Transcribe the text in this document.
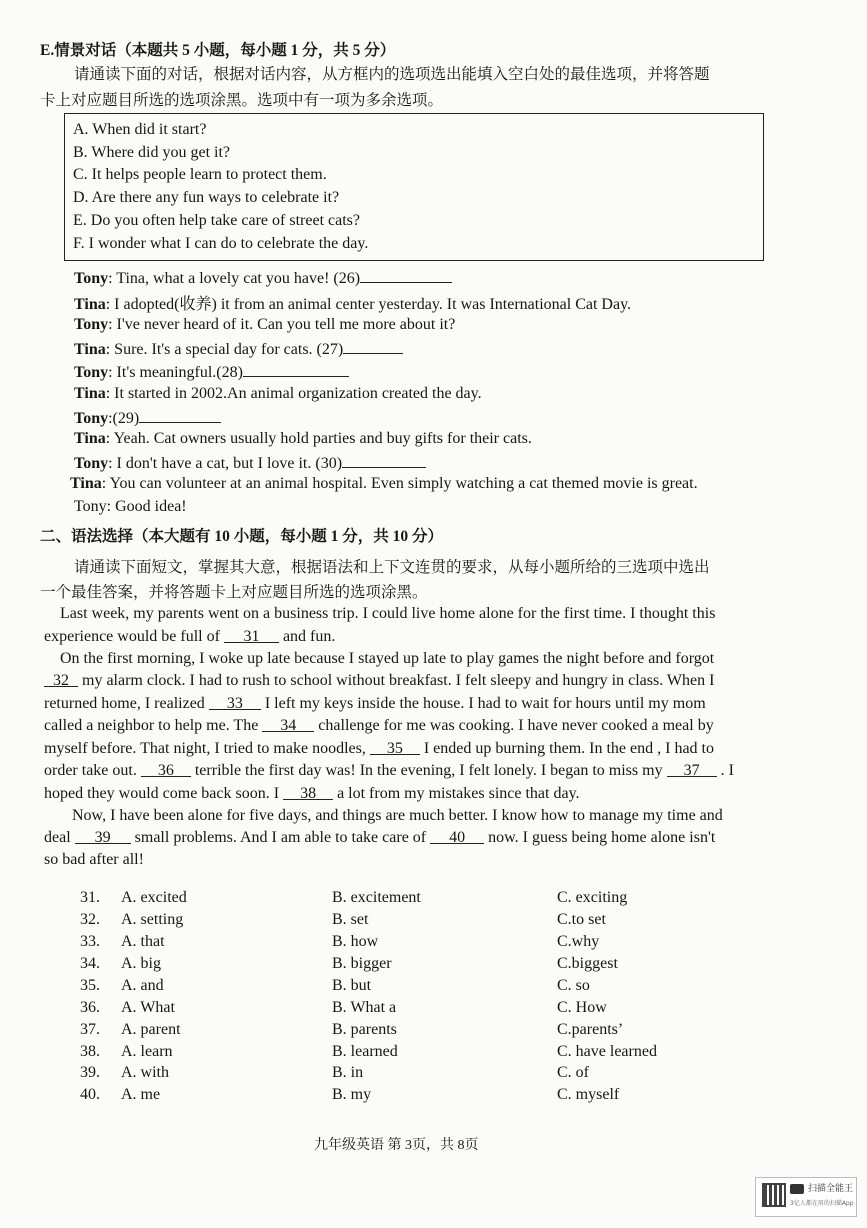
E.情景对话（本题共 5 小题，每小题 1 分，共 5 分）
请通读下面的对话，根据对话内容，从方框内的选项选出能填入空白处的最佳选项，并将答题
卡上对应题目所选的选项涂黑。选项中有一项为多余选项。
A. When did it start?
B. Where did you get it?
C. It helps people learn to protect them.
D. Are there any fun ways to celebrate it?
E. Do you often help take care of street cats?
F. I wonder what I can do to celebrate the day.
Tony: Tina, what a lovely cat you have! (26)
Tina: I adopted(收养) it from an animal center yesterday. It was International Cat Day.
Tony: I've never heard of it. Can you tell me more about it?
Tina: Sure. It's a special day for cats. (27)
Tony: It's meaningful.(28)
Tina: It started in 2002.An animal organization created the day.
Tony:(29)
Tina: Yeah. Cat owners usually hold parties and buy gifts for their cats.
Tony: I don't have a cat, but I love it. (30)
Tina: You can volunteer at an animal hospital. Even simply watching a cat themed movie is great.
Tony: Good idea!
二、语法选择（本大题有 10 小题，每小题 1 分，共 10 分）
请通读下面短文，掌握其大意，根据语法和上下文连贯的要求，从每小题所给的三选项中选出
一个最佳答案，并将答题卡上对应题目所选的选项涂黑。
Last week, my parents went on a business trip. I could live home alone for the first time. I thought this
experience would be full of 31 and fun.
On the first morning, I woke up late because I stayed up late to play games the night before and forgot
32 my alarm clock. I had to rush to school without breakfast. I felt sleepy and hungry in class. When I
returned home, I realized 33 I left my keys inside the house. I had to wait for hours until my mom
called a neighbor to help me. The 34 challenge for me was cooking. I have never cooked a meal by
myself before. That night, I tried to make noodles, 35 I ended up burning them. In the end , I had to
order take out. 36 terrible the first day was! In the evening, I felt lonely. I began to miss my 37 . I
hoped they would come back soon. I 38 a lot from my mistakes since that day.
Now, I have been alone for five days, and things are much better. I know how to manage my time and
deal 39 small problems. And I am able to take care of 40 now. I guess being home alone isn't
so bad after all!
31. A. excited	B. excitement	C. exciting
32. A. setting	B. set	C.to set
33. A. that	B. how	C.why
34. A. big	B. bigger	C.biggest
35. A. and	B. but	C. so
36. A. What	B. What a	C. How
37. A. parent	B. parents	C.parents’
38. A. learn	B. learned	C. have learned
39. A. with	B. in	C. of
40. A. me	B. my	C. myself
九年级英语 第 3页，共 8页
扫描全能王
3亿人都在用的扫描App
